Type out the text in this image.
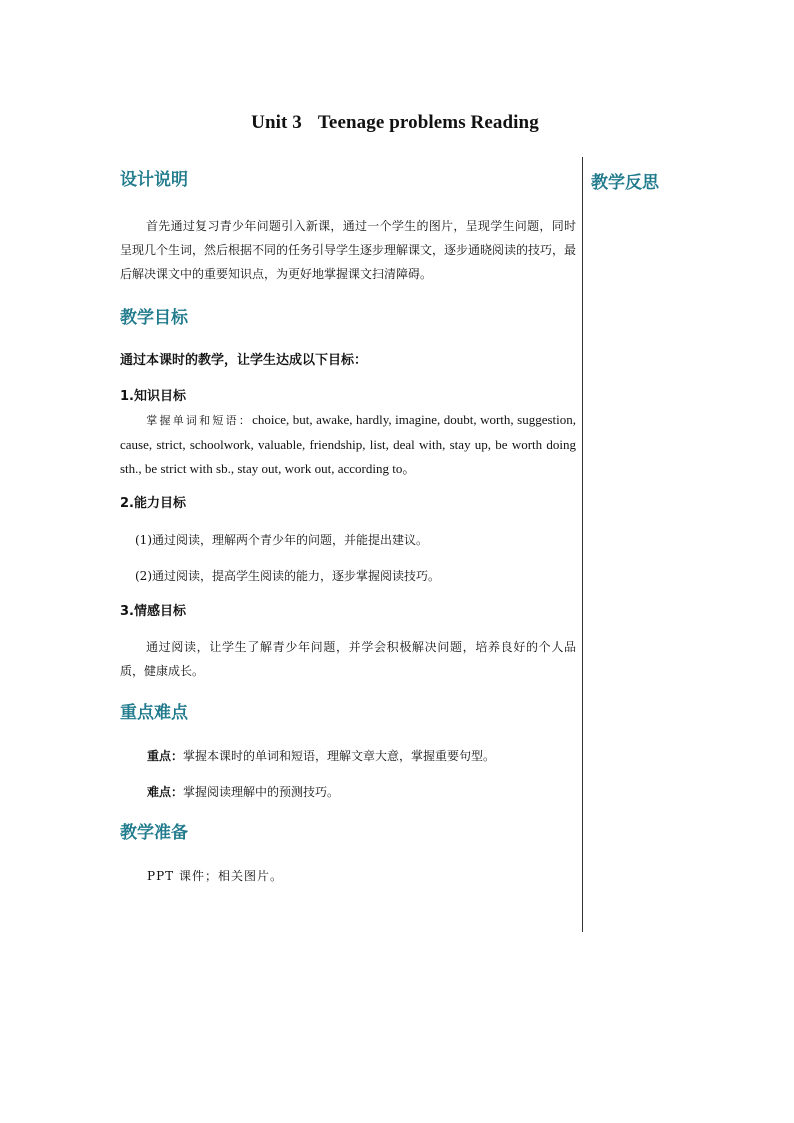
Unit 3 Teenage problems Reading
教学反思
设计说明

首先通过复习青少年问题引入新课，通过一个学生的图片，呈现学生问题，同时呈现几个生词，然后根据不同的任务引导学生逐步理解课文，逐步通晓阅读的技巧，最后解决课文中的重要知识点，为更好地掌握课文扫清障碍。

教学目标

通过本课时的教学，让学生达成以下目标：

1.知识目标

掌握单词和短语：choice, but, awake, hardly, imagine, doubt, worth, suggestion, cause, strict, schoolwork, valuable, friendship, list, deal with, stay up, be worth doing sth., be strict with sb., stay out, work out, according to。

2.能力目标

(1)通过阅读，理解两个青少年的问题，并能提出建议。

(2)通过阅读，提高学生阅读的能力，逐步掌握阅读技巧。

3.情感目标

通过阅读，让学生了解青少年问题，并学会积极解决问题，培养良好的个人品质，健康成长。

重点难点

重点：掌握本课时的单词和短语，理解文章大意，掌握重要句型。

难点：掌握阅读理解中的预测技巧。

教学准备

PPT 课件；相关图片。
